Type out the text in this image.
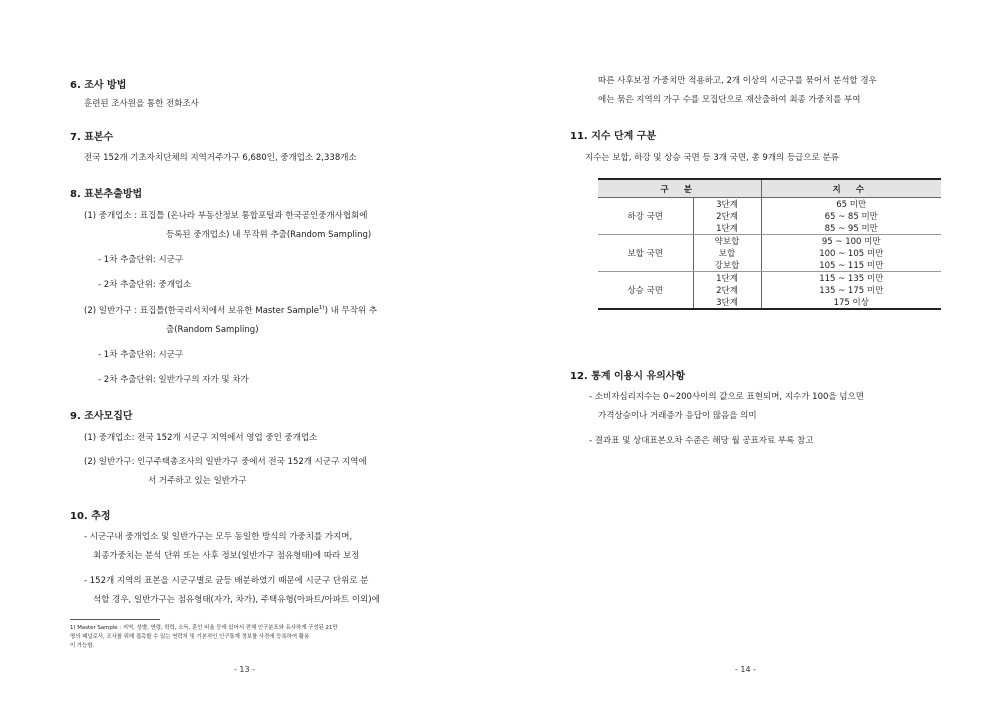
6. 조사 방법
훈련된 조사원을 통한 전화조사
7. 표본수
전국 152개 기초자치단체의 지역거주가구 6,680인, 중개업소 2,338개소
8. 표본추출방법
(1) 중개업소 : 표집틀 (온나라 부동산정보 통합포털과 한국공인중개사협회에
등록된 중개업소) 내 무작위 추출(Random Sampling)
- 1차 추출단위: 시군구
- 2차 추출단위: 중개업소
(2) 일반가구 : 표집틀(한국리서치에서 보유한 Master Sample$^{1)}$) 내 무작위 추
출(Random Sampling)
- 1차 추출단위: 시군구
- 2차 추출단위: 일반가구의 자가 및 차가
9. 조사모집단
(1) 중개업소: 전국 152개 시군구 지역에서 영업 중인 중개업소
(2) 일반가구: 인구주택총조사의 일반가구 중에서 전국 152개 시군구 지역에
서 거주하고 있는 일반가구
10. 추정
- 시군구내 중개업소 및 일반가구는 모두 동일한 방식의 가중치를 가지며,
최종가중치는 분석 단위 또는 사후 정보(일반가구 점유형태)에 따라 보정
- 152개 지역의 표본을 시군구별로 균등 배분하였기 때문에 시군구 단위로 분
석할 경우, 일반가구는 점유형태(자가, 차가), 주택유형(아파트/아파트 이외)에
1) Master Sample : 지역, 성별, 연령, 학력, 소득, 혼인 비율 등에 있어서 전체 인구분포와 유사하게 구성된 21만
명의 패널로서, 조사를 위해 접촉할 수 있는 연락처 및 기본적인 인구통계 정보를 사전에 등록하여 활용
이 가능함.
- 13 -
따른 사후보정 가중치만 적용하고, 2개 이상의 시군구를 묶어서 분석할 경우
에는 묶은 지역의 가구 수를 모집단으로 재산출하여 최종 가중치를 부여
11. 지수 단계 구분
지수는 보합, 하강 및 상승 국면 등 3개 국면, 총 9개의 등급으로 분류
구 분		지 수
하강 국면	3단계	65 미만
	2단계	65 ~ 85 미만
	1단계	85 ~ 95 미만
보합 국면	약보합	95 ~ 100 미만
	보합	100 ~ 105 미만
	강보합	105 ~ 115 미만
상승 국면	1단계	115 ~ 135 미만
	2단계	135 ~ 175 미만
	3단계	175 이상
12. 통계 이용시 유의사항
- 소비자심리지수는 0~200사이의 값으로 표현되며, 지수가 100을 넘으면
가격상승이나 거래증가 응답이 많음을 의미
- 결과표 및 상대표본오차 수준은 해당 월 공표자료 부록 참고
- 14 -
